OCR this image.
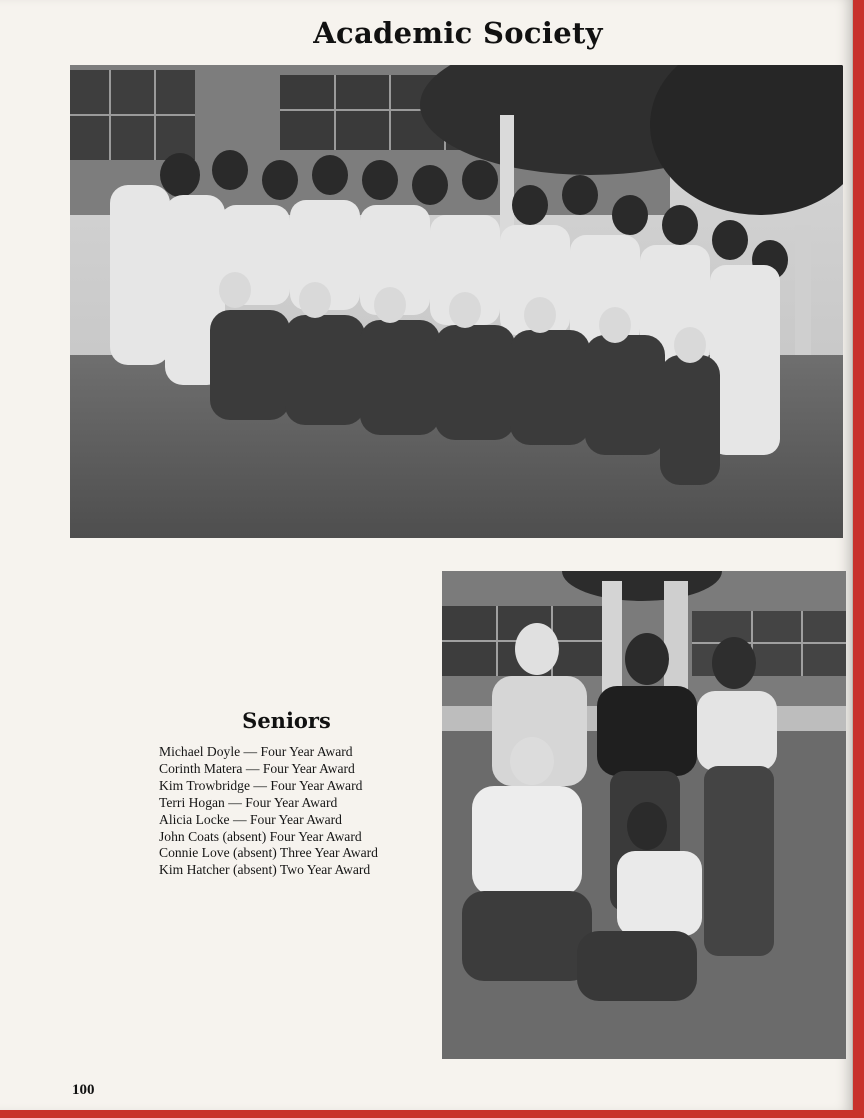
Academic Society
Seniors
Michael Doyle — Four Year Award
Corinth Matera — Four Year Award
Kim Trowbridge — Four Year Award
Terri Hogan — Four Year Award
Alicia Locke — Four Year Award
John Coats (absent) Four Year Award
Connie Love (absent) Three Year Award
Kim Hatcher (absent) Two Year Award
100
